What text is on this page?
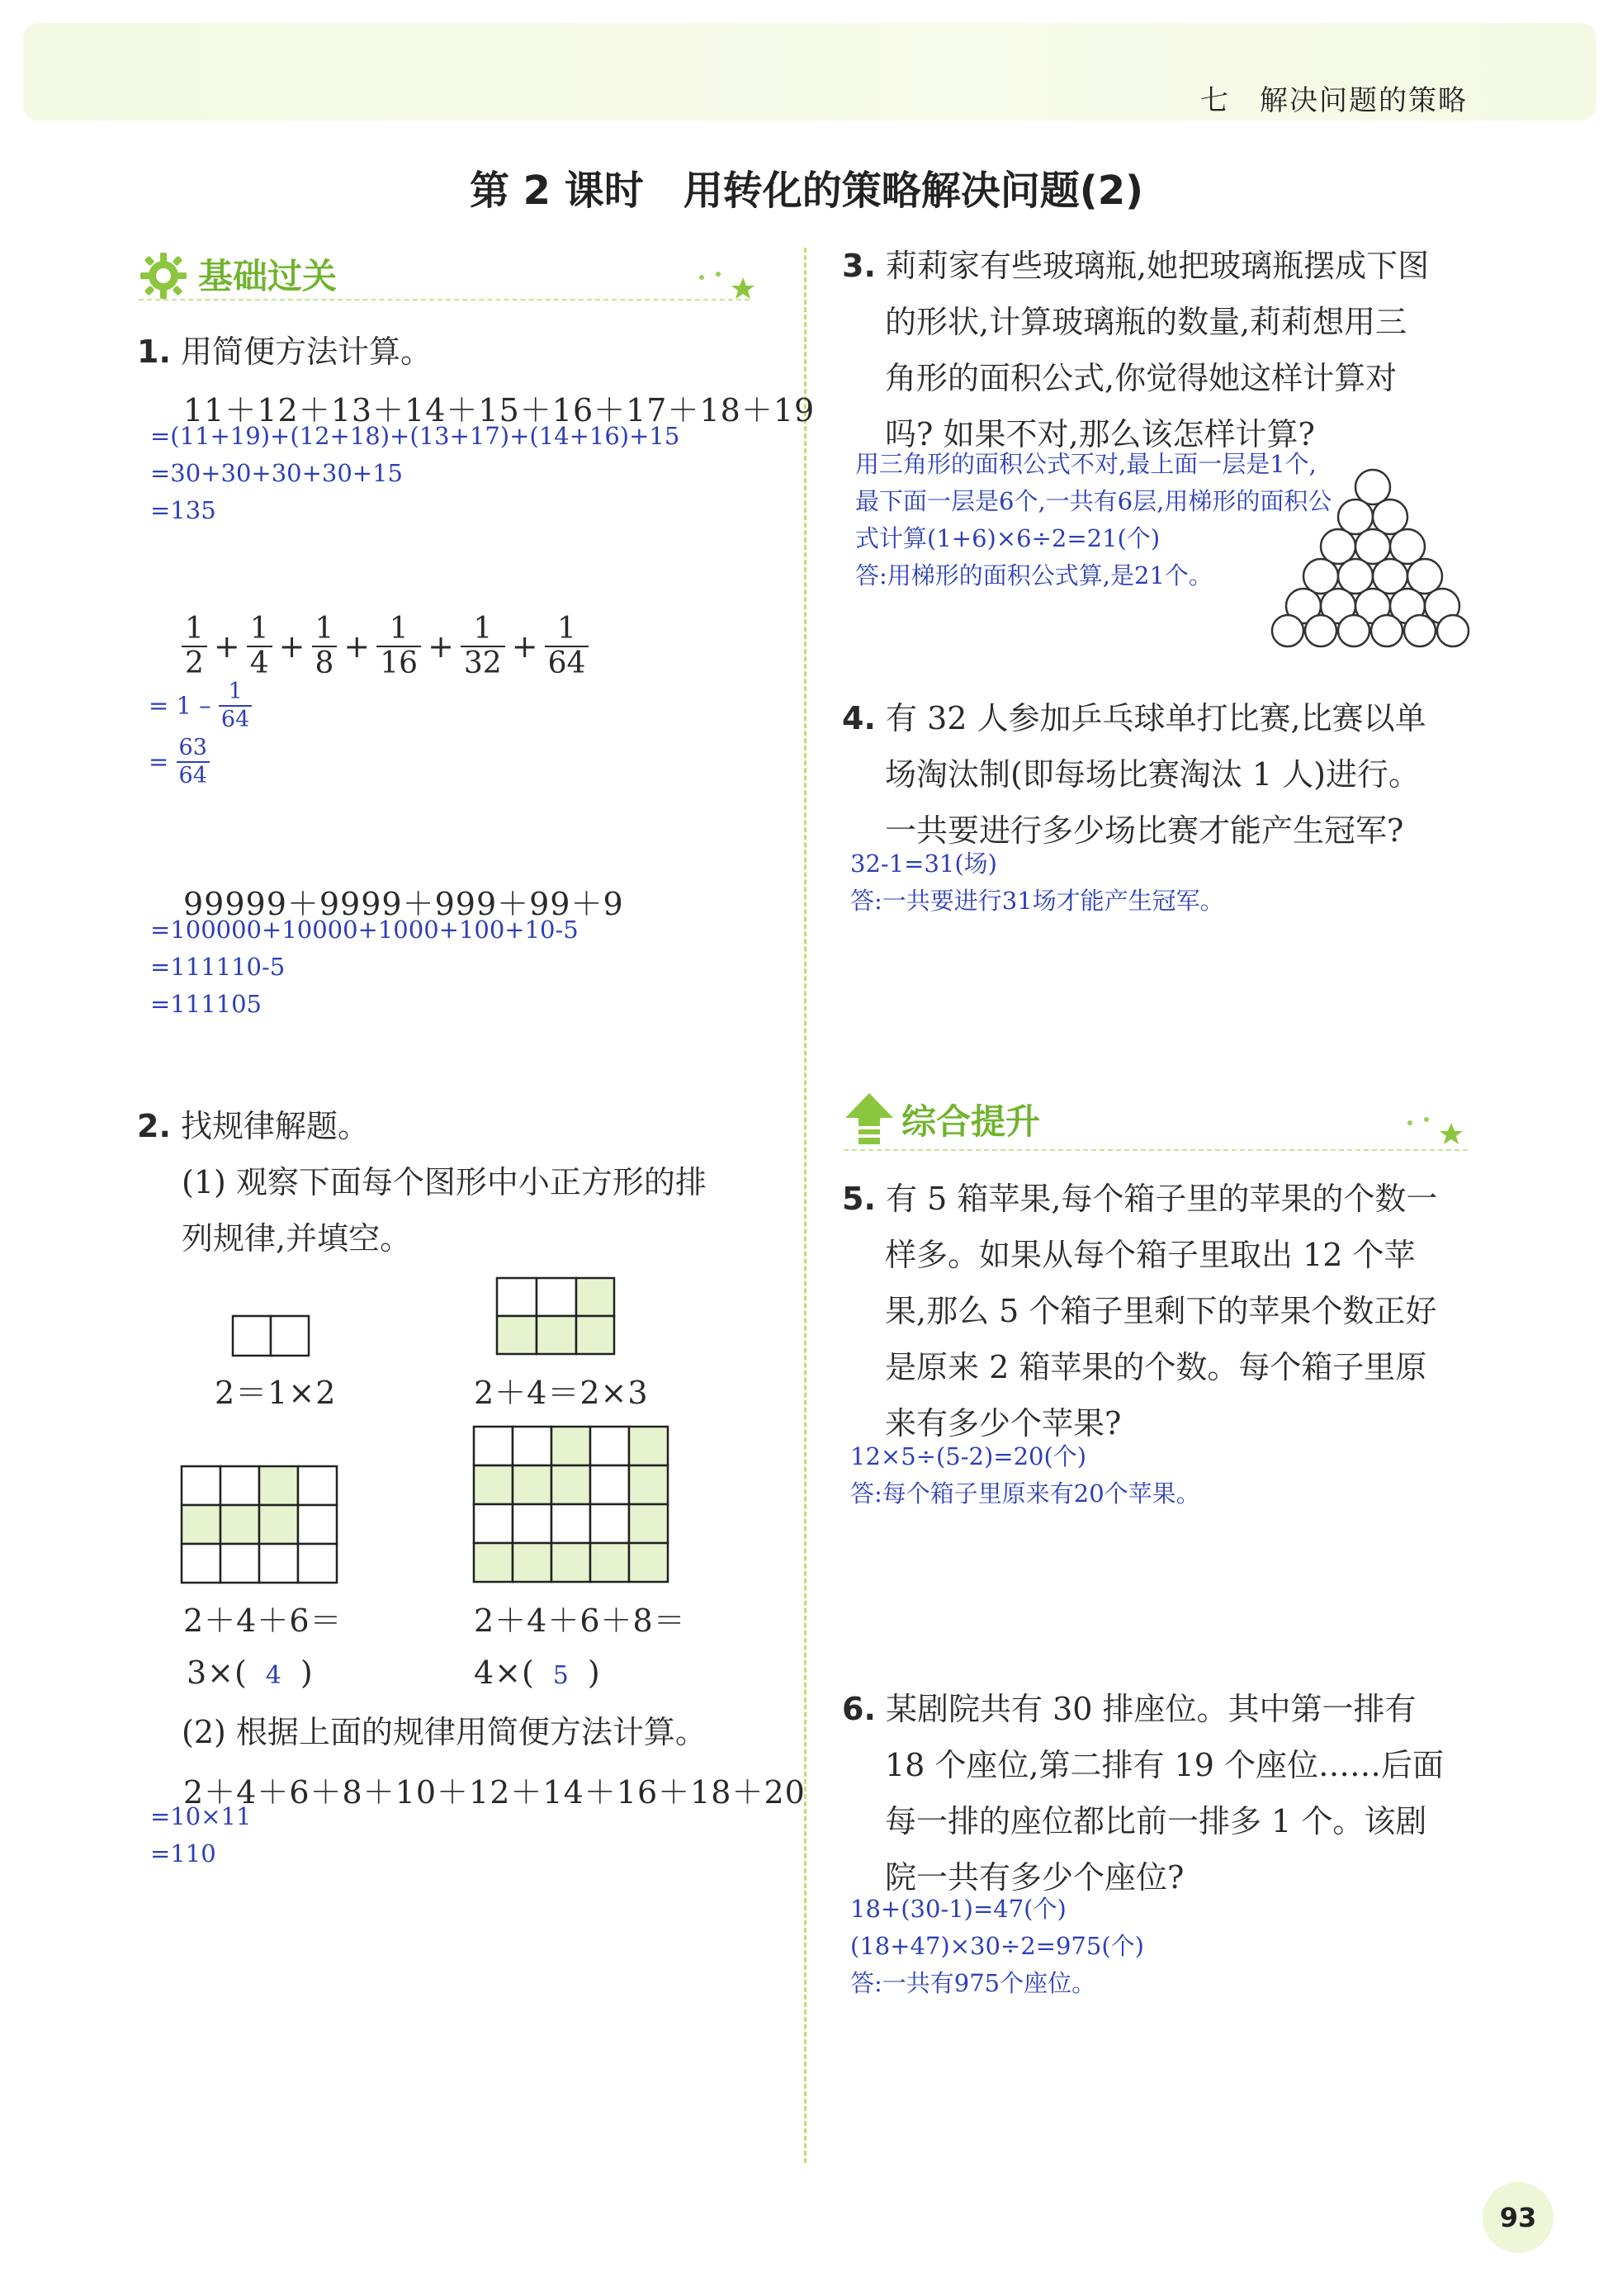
七　解决问题的策略
第 2 课时　用转化的策略解决问题(2)
基础过关
1. 用简便方法计算。
11＋12＋13＋14＋15＋16＋17＋18＋19
=(11+19)+(12+18)+(13+17)+(14+16)+15
=30+30+30+30+15
=135
$\frac{1}{2} + \frac{1}{4} + \frac{1}{8} + \frac{1}{16} + \frac{1}{32} + \frac{1}{64}$
= $1 - \frac{1}{64}$
= $\frac{63}{64}$
99999＋9999＋999＋99＋9
=100000+10000+1000+100+10-5
=111110-5
=111105
2. 找规律解题。
(1) 观察下面每个图形中小正方形的排
列规律,并填空。
2＝1×2	2＋4＝2×3
2＋4＋6＝
3×( 4 )
2＋4＋6＋8＝
4×( 5 )
(2) 根据上面的规律用简便方法计算。
2＋4＋6＋8＋10＋12＋14＋16＋18＋20
=10×11
=110
3. 莉莉家有些玻璃瓶,她把玻璃瓶摆成下图
的形状,计算玻璃瓶的数量,莉莉想用三
角形的面积公式,你觉得她这样计算对
吗? 如果不对,那么该怎样计算?
用三角形的面积公式不对,最上面一层是1个,
最下面一层是6个,一共有6层,用梯形的面积公
式计算(1+6)×6÷2=21(个)
答:用梯形的面积公式算,是21个。
4. 有 32 人参加乒乓球单打比赛,比赛以单
场淘汰制(即每场比赛淘汰 1 人)进行。
一共要进行多少场比赛才能产生冠军?
32-1=31(场)
答:一共要进行31场才能产生冠军。
综合提升
5. 有 5 箱苹果,每个箱子里的苹果的个数一
样多。如果从每个箱子里取出 12 个苹
果,那么 5 个箱子里剩下的苹果个数正好
是原来 2 箱苹果的个数。每个箱子里原
来有多少个苹果?
12×5÷(5-2)=20(个)
答:每个箱子里原来有20个苹果。
6. 某剧院共有 30 排座位。其中第一排有
18 个座位,第二排有 19 个座位……后面
每一排的座位都比前一排多 1 个。该剧
院一共有多少个座位?
18+(30-1)=47(个)
(18+47)×30÷2=975(个)
答:一共有975个座位。
93
